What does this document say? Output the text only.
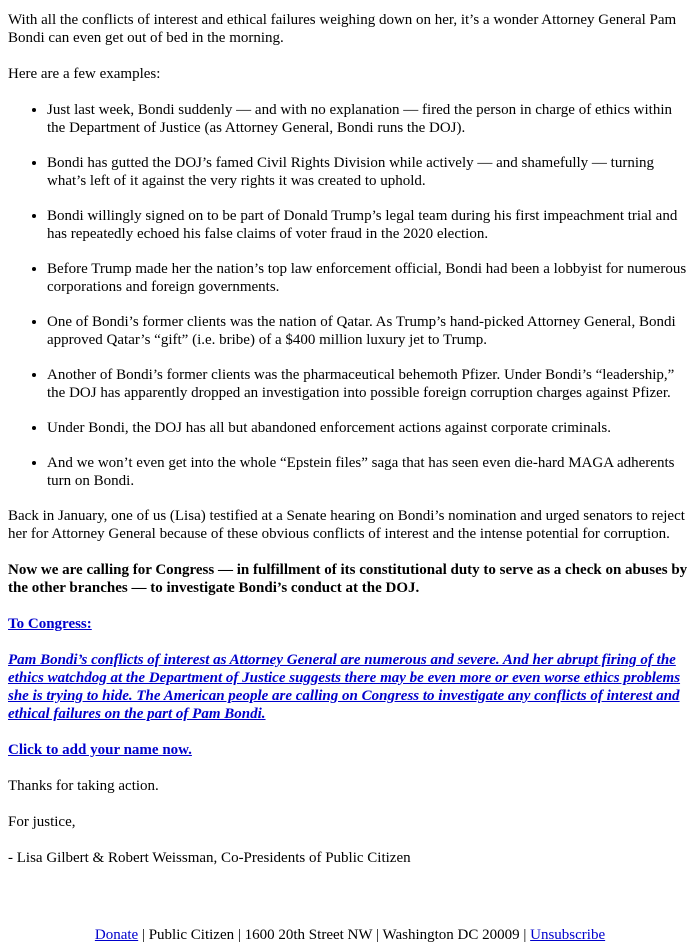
With all the conflicts of interest and ethical failures weighing down on her, it’s a wonder Attorney General Pam Bondi can even get out of bed in the morning.

Here are a few examples:

• Just last week, Bondi suddenly — and with no explanation — fired the person in charge of ethics within the Department of Justice (as Attorney General, Bondi runs the DOJ).
• Bondi has gutted the DOJ’s famed Civil Rights Division while actively — and shamefully — turning what’s left of it against the very rights it was created to uphold.
• Bondi willingly signed on to be part of Donald Trump’s legal team during his first impeachment trial and has repeatedly echoed his false claims of voter fraud in the 2020 election.
• Before Trump made her the nation’s top law enforcement official, Bondi had been a lobbyist for numerous corporations and foreign governments.
• One of Bondi’s former clients was the nation of Qatar. As Trump’s hand-picked Attorney General, Bondi approved Qatar’s “gift” (i.e. bribe) of a $400 million luxury jet to Trump.
• Another of Bondi’s former clients was the pharmaceutical behemoth Pfizer. Under Bondi’s “leadership,” the DOJ has apparently dropped an investigation into possible foreign corruption charges against Pfizer.
• Under Bondi, the DOJ has all but abandoned enforcement actions against corporate criminals.
• And we won’t even get into the whole “Epstein files” saga that has seen even die-hard MAGA adherents turn on Bondi.

Back in January, one of us (Lisa) testified at a Senate hearing on Bondi’s nomination and urged senators to reject her for Attorney General because of these obvious conflicts of interest and the intense potential for corruption.

Now we are calling for Congress — in fulfillment of its constitutional duty to serve as a check on abuses by the other branches — to investigate Bondi’s conduct at the DOJ.

To Congress:

Pam Bondi’s conflicts of interest as Attorney General are numerous and severe. And her abrupt firing of the ethics watchdog at the Department of Justice suggests there may be even more or even worse ethics problems she is trying to hide. The American people are calling on Congress to investigate any conflicts of interest and ethical failures on the part of Pam Bondi.

Click to add your name now.

Thanks for taking action.

For justice,

- Lisa Gilbert & Robert Weissman, Co-Presidents of Public Citizen

Donate | Public Citizen | 1600 20th Street NW | Washington DC 20009 | Unsubscribe
